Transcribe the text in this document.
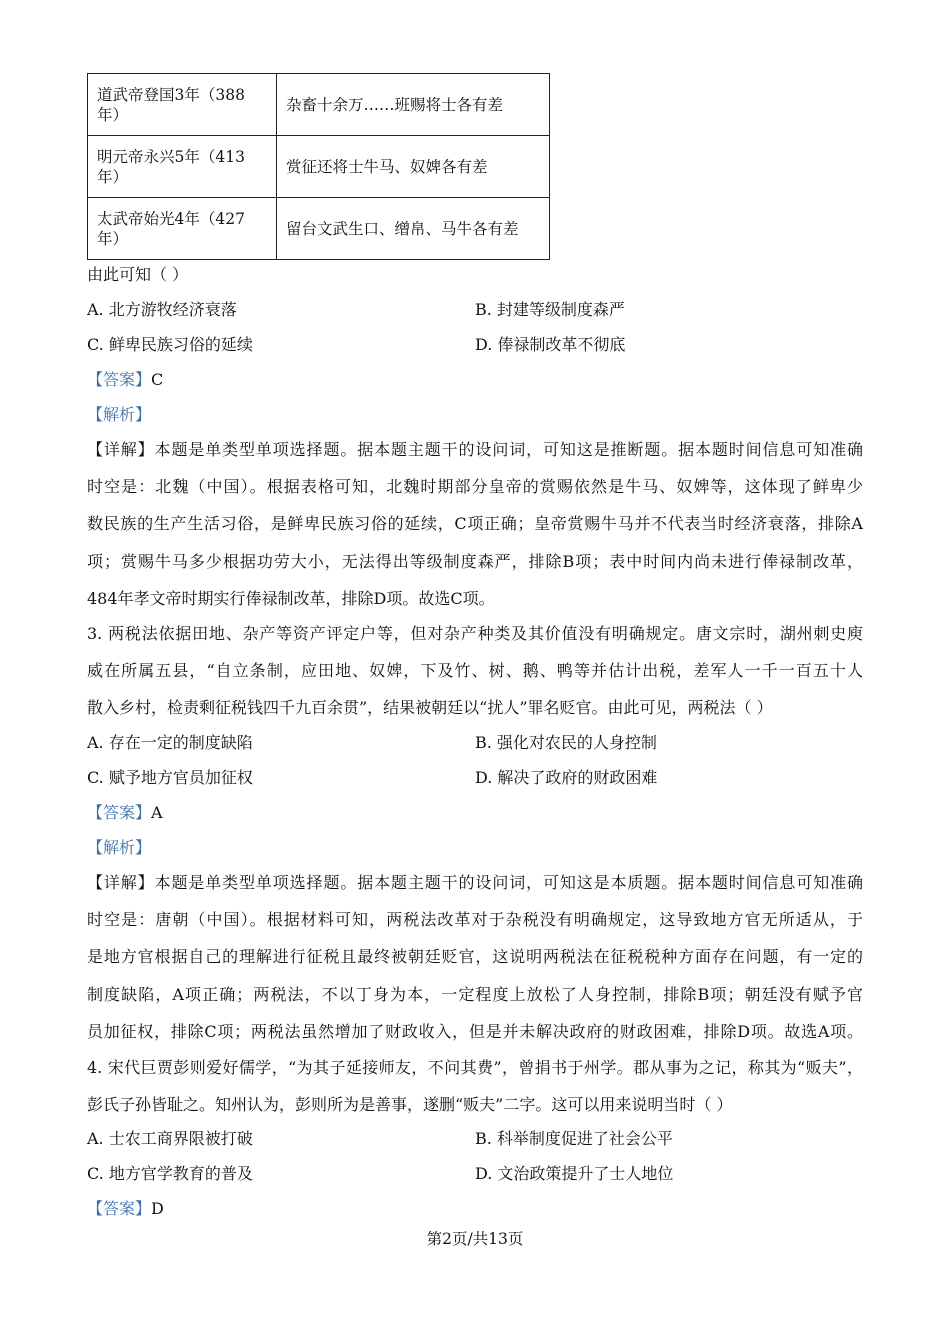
道武帝登国3年（388年）	杂畜十余万……班赐将士各有差
明元帝永兴5年（413年）	赏征还将士牛马、奴婢各有差
太武帝始光4年（427年）	留台文武生口、缯帛、马牛各有差
由此可知（ ）
A. 北方游牧经济衰落	B. 封建等级制度森严
C. 鲜卑民族习俗的延续	D. 俸禄制改革不彻底
【答案】C
【解析】
【详解】本题是单类型单项选择题。据本题主题干的设问词，可知这是推断题。据本题时间信息可知准确
时空是：北魏（中国）。根据表格可知，北魏时期部分皇帝的赏赐依然是牛马、奴婢等，这体现了鲜卑少
数民族的生产生活习俗，是鲜卑民族习俗的延续，C项正确；皇帝赏赐牛马并不代表当时经济衰落，排除A
项；赏赐牛马多少根据功劳大小，无法得出等级制度森严，排除B项；表中时间内尚未进行俸禄制改革，
484年孝文帝时期实行俸禄制改革，排除D项。故选C项。
3. 两税法依据田地、杂产等资产评定户等，但对杂产种类及其价值没有明确规定。唐文宗时，湖州刺史庾
威在所属五县，“自立条制，应田地、奴婢，下及竹、树、鹅、鸭等并估计出税，差军人一千一百五十人
散入乡村，检责剩征税钱四千九百余贯”，结果被朝廷以“扰人”罪名贬官。由此可见，两税法（ ）
A. 存在一定的制度缺陷	B. 强化对农民的人身控制
C. 赋予地方官员加征权	D. 解决了政府的财政困难
【答案】A
【解析】
【详解】本题是单类型单项选择题。据本题主题干的设问词，可知这是本质题。据本题时间信息可知准确
时空是：唐朝（中国）。根据材料可知，两税法改革对于杂税没有明确规定，这导致地方官无所适从，于
是地方官根据自己的理解进行征税且最终被朝廷贬官，这说明两税法在征税税种方面存在问题，有一定的
制度缺陷，A项正确；两税法，不以丁身为本，一定程度上放松了人身控制，排除B项；朝廷没有赋予官
员加征权，排除C项；两税法虽然增加了财政收入，但是并未解决政府的财政困难，排除D项。故选A项。
4. 宋代巨贾彭则爱好儒学，“为其子延接师友，不问其费”，曾捐书于州学。郡从事为之记，称其为“贩夫”，
彭氏子孙皆耻之。知州认为，彭则所为是善事，遂删“贩夫”二字。这可以用来说明当时（ ）
A. 士农工商界限被打破	B. 科举制度促进了社会公平
C. 地方官学教育的普及	D. 文治政策提升了士人地位
【答案】D
第2页/共13页
